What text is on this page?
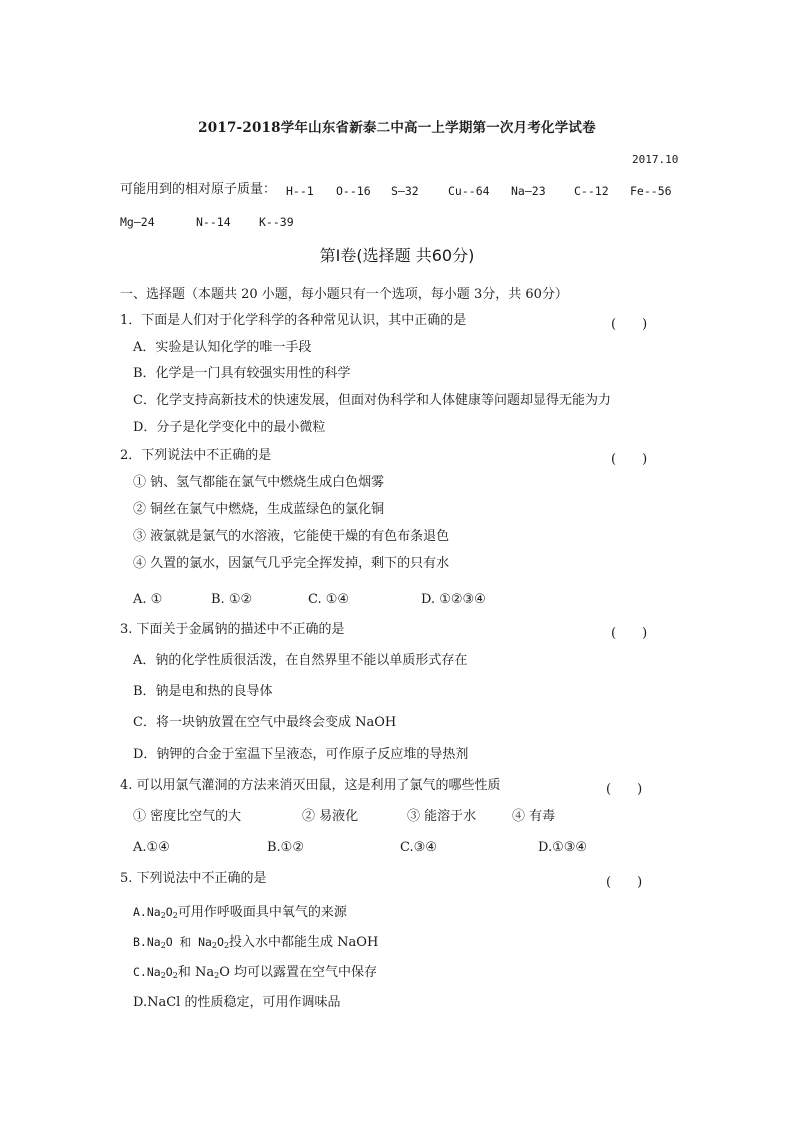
2017-2018学年山东省新泰二中高一上学期第一次月考化学试卷
2017.10
可能用到的相对原子质量： H--1 O--16 S—32	Cu--64 Na—23 C--12 Fe--56
Mg—24	N--14 K--39
第Ⅰ卷(选择题 共60分)
一、选择题（本题共 20 小题，每小题只有一个选项，每小题 3分，共 60分）
1．下面是人们对于化学科学的各种常见认识，其中正确的是	(　　)
A．实验是认知化学的唯一手段
B．化学是一门具有较强实用性的科学
C．化学支持高新技术的快速发展，但面对伪科学和人体健康等问题却显得无能为力
D．分子是化学变化中的最小微粒
2．下列说法中不正确的是	(　　)
① 钠、氢气都能在氯气中燃烧生成白色烟雾
② 铜丝在氯气中燃烧，生成蓝绿色的氯化铜
③ 液氯就是氯气的水溶液，它能使干燥的有色布条退色
④ 久置的氯水，因氯气几乎完全挥发掉，剩下的只有水
A. ①	B. ①②	C. ①④	D. ①②③④
3. 下面关于金属钠的描述中不正确的是	(　　)
A．钠的化学性质很活泼，在自然界里不能以单质形式存在
B．钠是电和热的良导体
C．将一块钠放置在空气中最终会变成 NaOH
D．钠钾的合金于室温下呈液态，可作原子反应堆的导热剂
4. 可以用氯气灌洞的方法来消灭田鼠，这是利用了氯气的哪些性质	(　　)
① 密度比空气的大	② 易液化	③ 能溶于水	④ 有毒
A.①④	B.①②	C.③④	D.①③④
5. 下列说法中不正确的是	(　　)
$A.Na_2O_2$可用作呼吸面具中氧气的来源
$B.Na_2O$ 和 $Na_2O_2$投入水中都能生成 NaOH
$C.Na_2O_2$和 $Na_2O$ 均可以露置在空气中保存
D.NaCl 的性质稳定，可用作调味品
